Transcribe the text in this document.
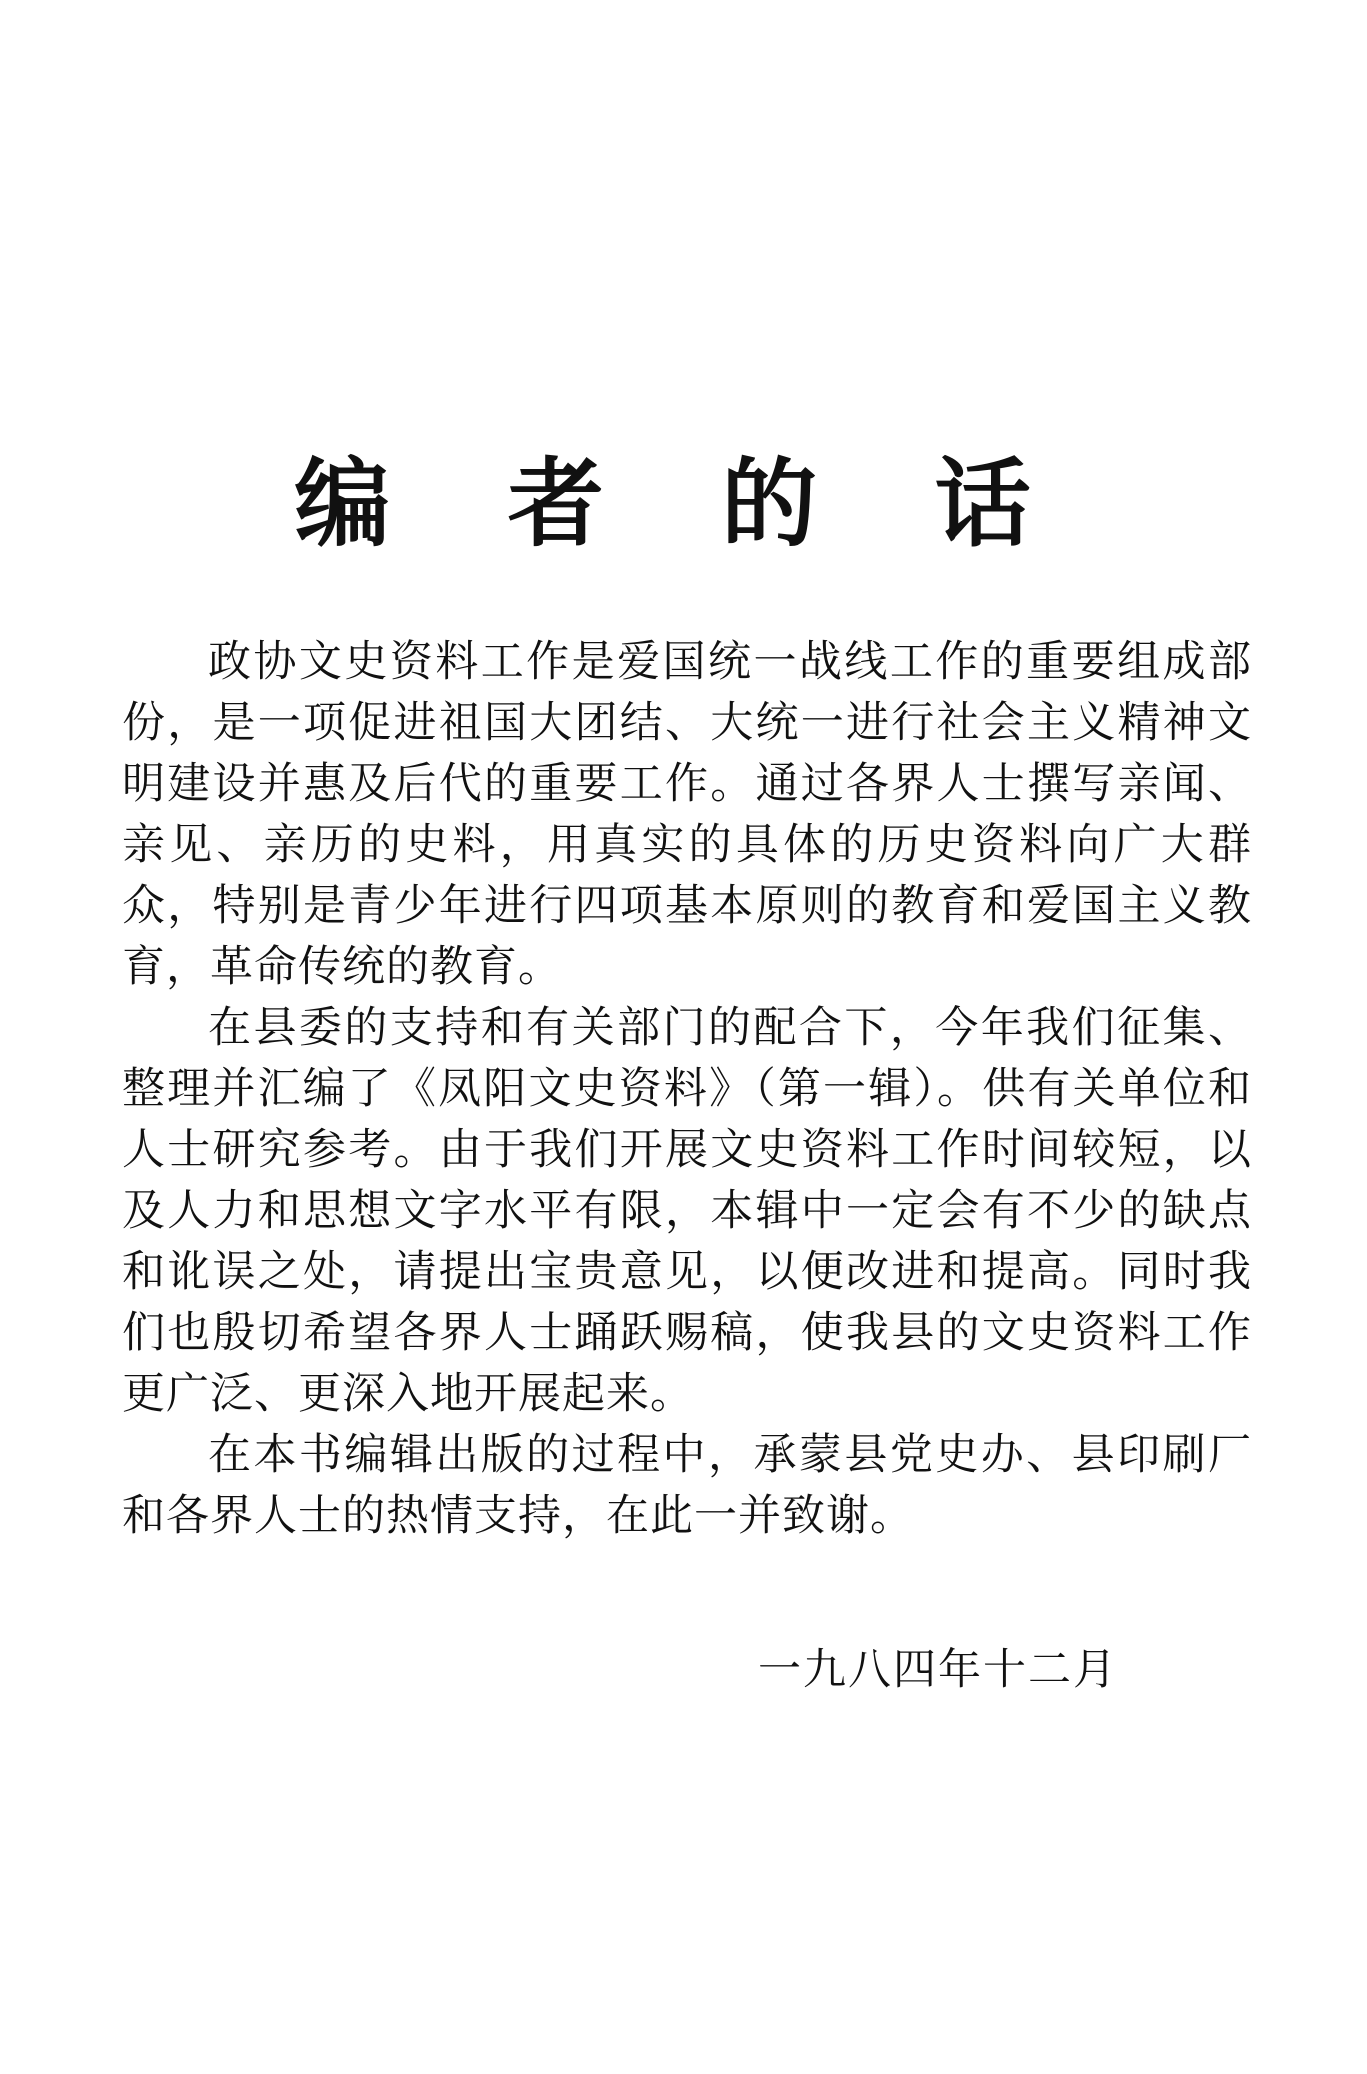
编 者 的 话

政协文史资料工作是爱国统一战线工作的重要组成部份，是一项促进祖国大团结、大统一进行社会主义精神文明建设并惠及后代的重要工作。通过各界人士撰写亲闻、亲见、亲历的史料，用真实的具体的历史资料向广大群众，特别是青少年进行四项基本原则的教育和爱国主义教育，革命传统的教育。

在县委的支持和有关部门的配合下，今年我们征集、整理并汇编了《凤阳文史资料》（第一辑）。供有关单位和人士研究参考。由于我们开展文史资料工作时间较短，以及人力和思想文字水平有限，本辑中一定会有不少的缺点和讹误之处，请提出宝贵意见，以便改进和提高。同时我们也殷切希望各界人士踊跃赐稿，使我县的文史资料工作更广泛、更深入地开展起来。

在本书编辑出版的过程中，承蒙县党史办、县印刷厂和各界人士的热情支持，在此一并致谢。

一九八四年十二月
